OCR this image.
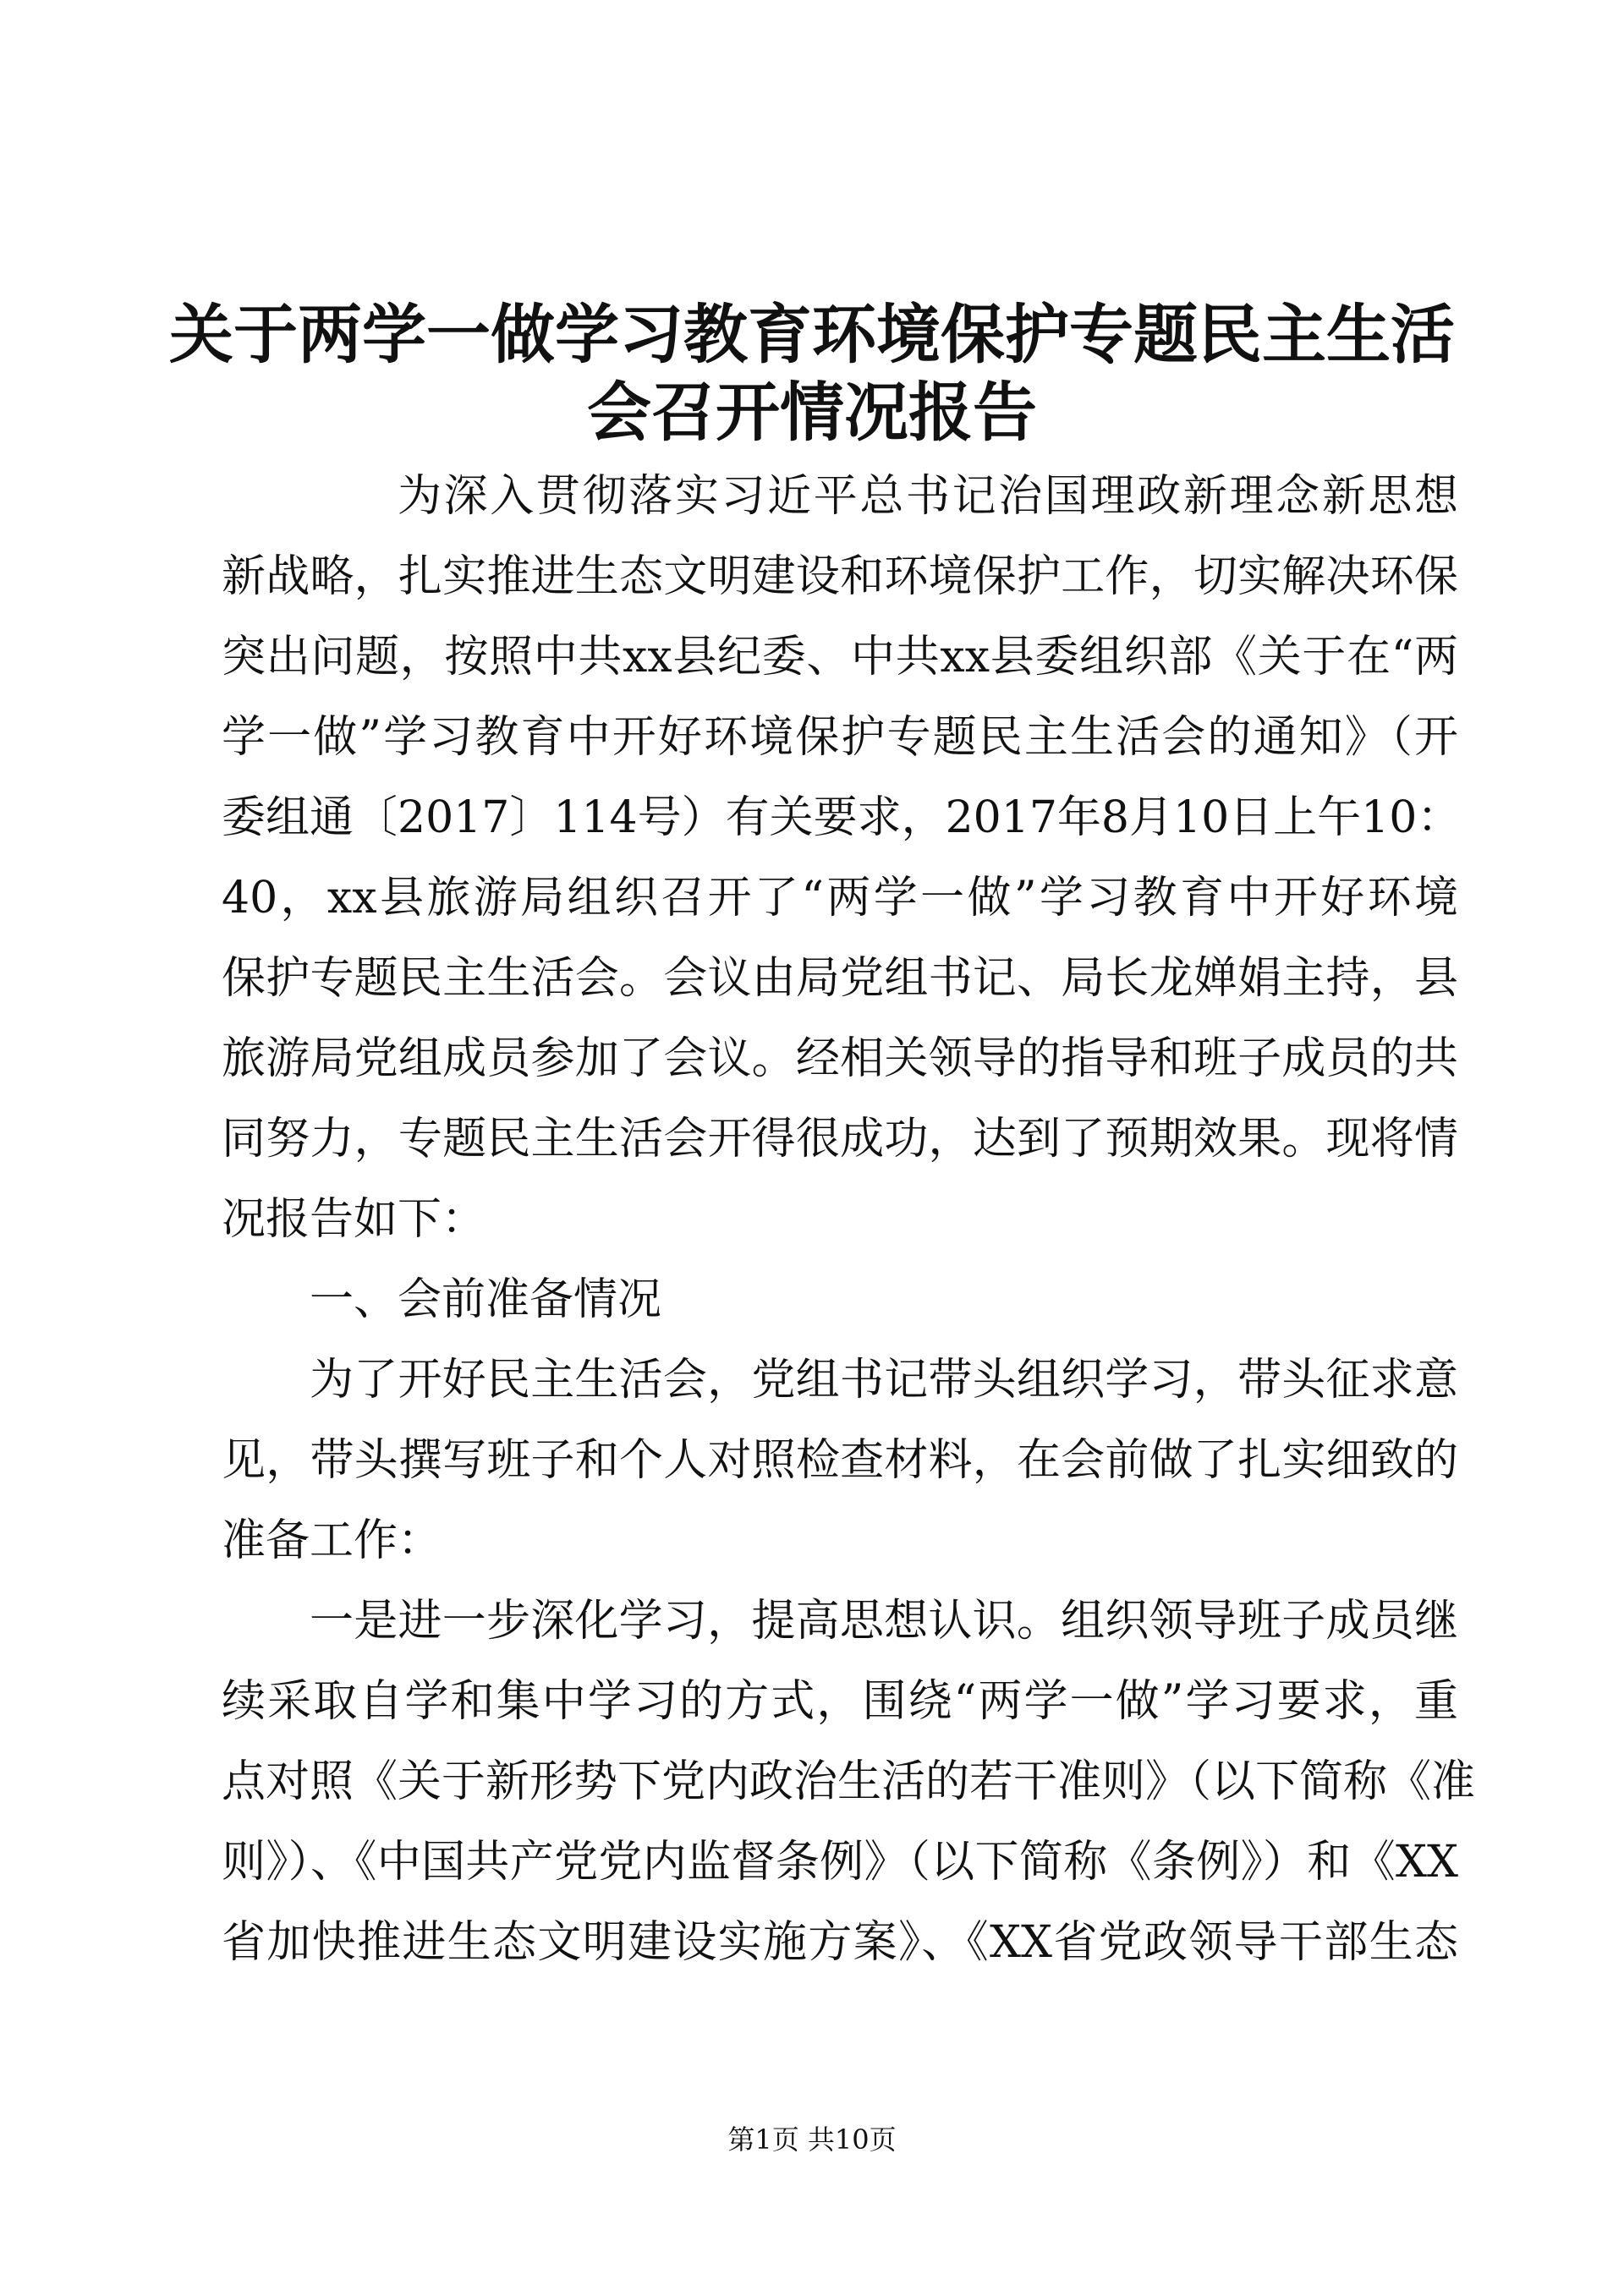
关于两学一做学习教育环境保护专题民主生活
会召开情况报告
为深入贯彻落实习近平总书记治国理政新理念新思想
新战略，扎实推进生态文明建设和环境保护工作，切实解决环保
突出问题，按照中共xx县纪委、中共xx县委组织部《关于在“两
学一做”学习教育中开好环境保护专题民主生活会的通知》（开
委组通〔2017〕114号）有关要求，2017年8月10日上午10：
40，xx县旅游局组织召开了“两学一做”学习教育中开好环境
保护专题民主生活会。会议由局党组书记、局长龙婵娟主持，县
旅游局党组成员参加了会议。经相关领导的指导和班子成员的共
同努力，专题民主生活会开得很成功，达到了预期效果。现将情
况报告如下：
一、会前准备情况
为了开好民主生活会，党组书记带头组织学习，带头征求意
见，带头撰写班子和个人对照检查材料，在会前做了扎实细致的
准备工作：
一是进一步深化学习，提高思想认识。组织领导班子成员继
续采取自学和集中学习的方式，围绕“两学一做”学习要求，重
点对照《关于新形势下党内政治生活的若干准则》（以下简称《准
则》）、《中国共产党党内监督条例》（以下简称《条例》）和《XX
省加快推进生态文明建设实施方案》、《XX省党政领导干部生态
第1页 共10页
